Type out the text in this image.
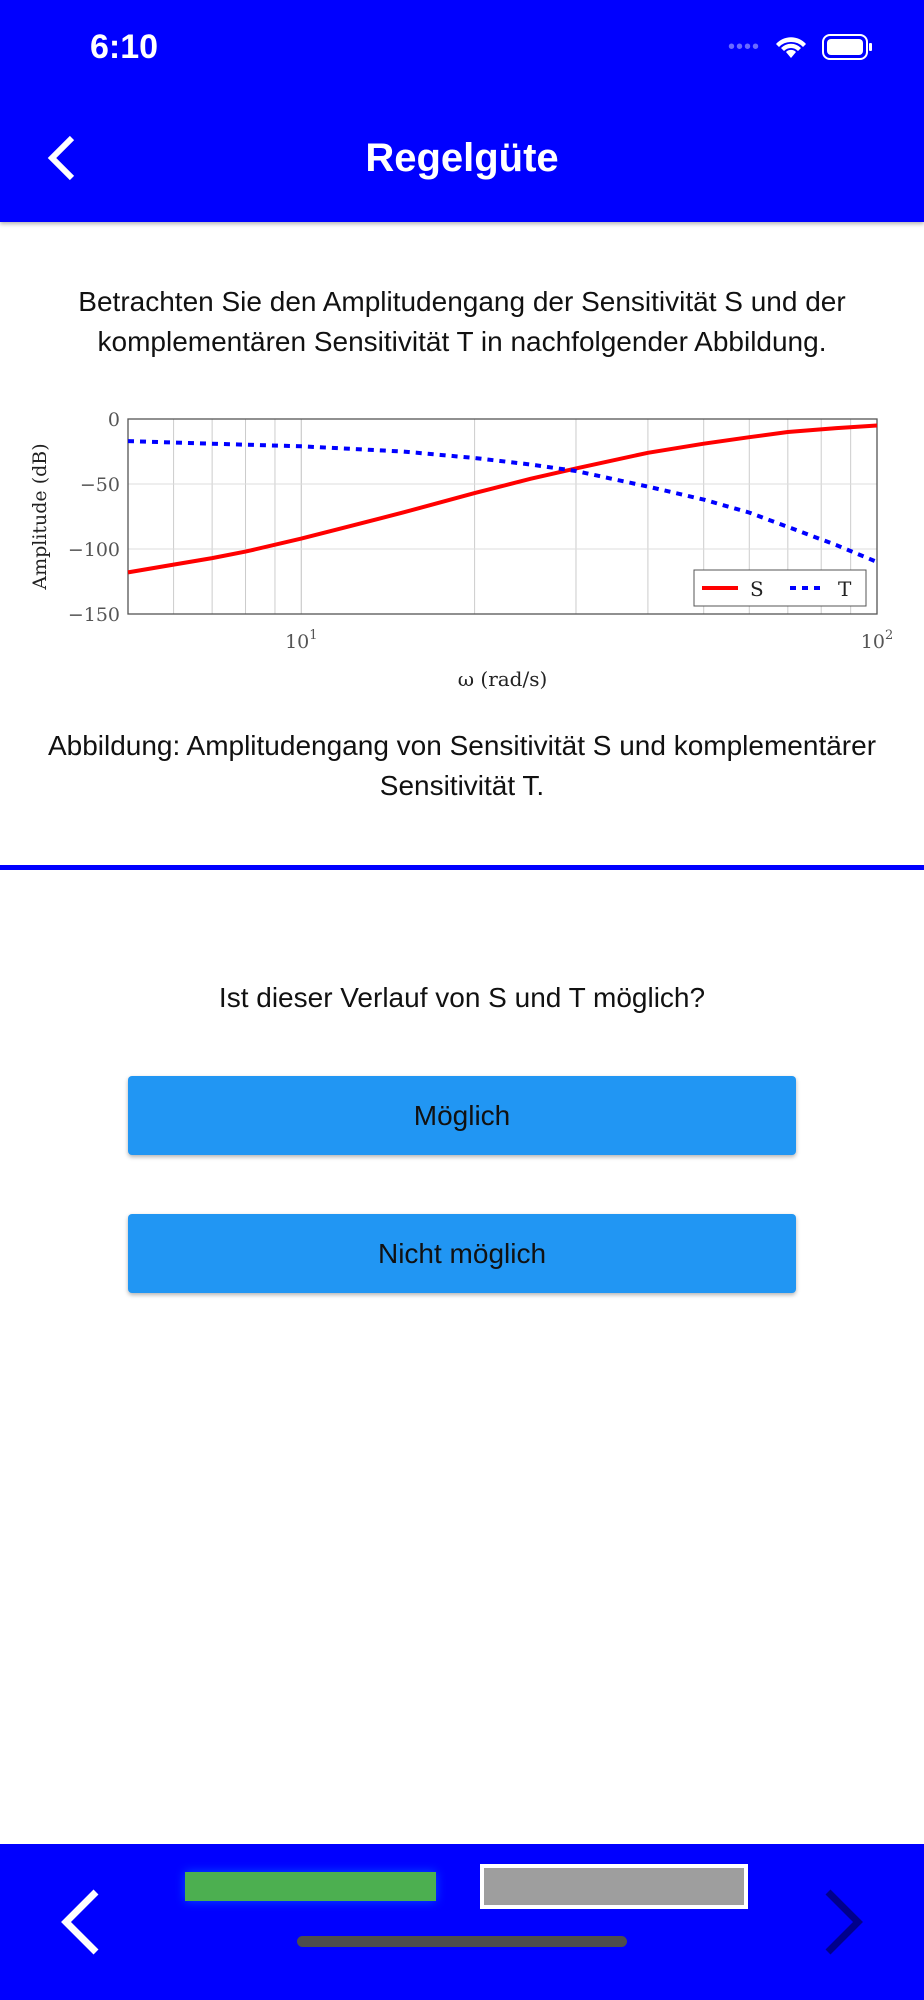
6:10	••••
Regelgüte
Betrachten Sie den Amplitudengang der Sensitivität S und der komplementären Sensitivität T in nachfolgender Abbildung.
0
−50
−100
−150
$10^1$	$10^2$
ω (rad/s)
Amplitude (dB)	S	T
Abbildung: Amplitudengang von Sensitivität S und komplementärer Sensitivität T.
Ist dieser Verlauf von S und T möglich?
Möglich
Nicht möglich
